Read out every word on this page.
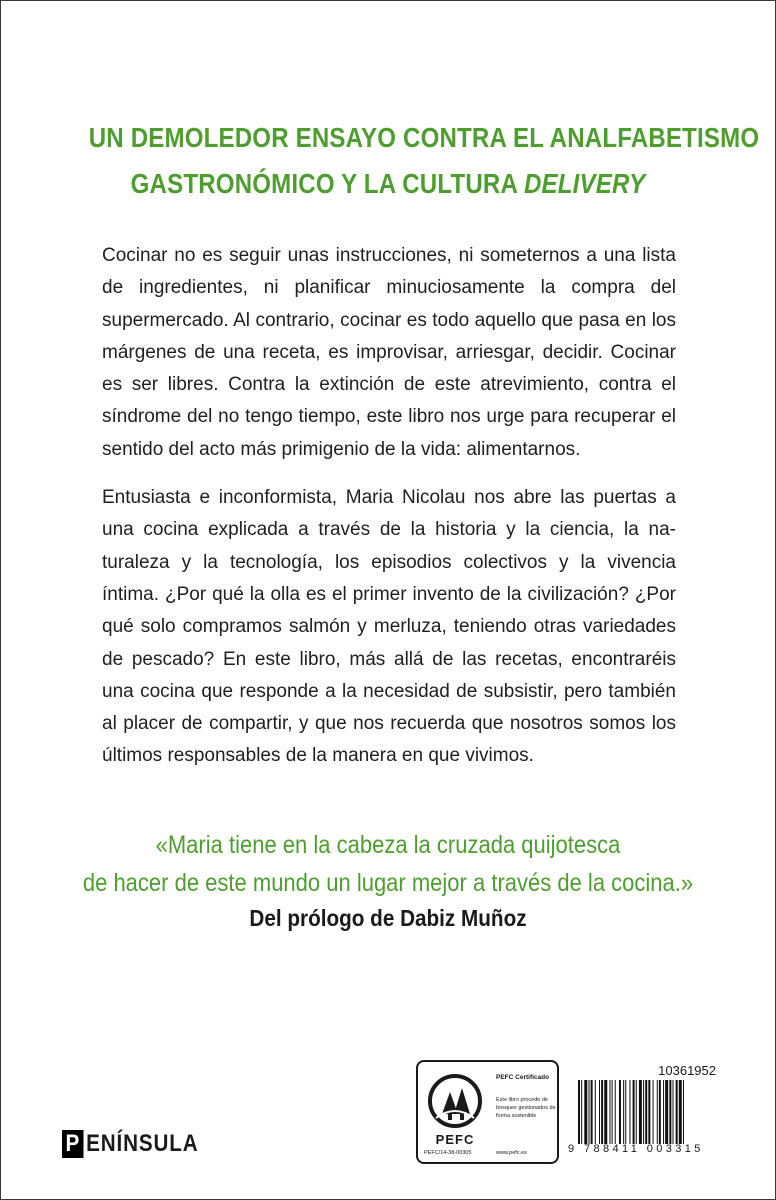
UN DEMOLEDOR ENSAYO CONTRA EL ANALFABETISMO
GASTRONÓMICO Y LA CULTURA DELIVERY

Cocinar no es seguir unas instrucciones, ni someternos a una lista de ingredientes, ni planificar minuciosamente la compra del supermercado. Al contrario, cocinar es todo aquello que pasa en los márgenes de una receta, es improvisar, arriesgar, decidir. Cocinar es ser libres. Contra la extinción de este atrevimiento, contra el síndrome del no tengo tiempo, este libro nos urge para recuperar el sentido del acto más primigenio de la vida: alimentarnos.

Entusiasta e inconformista, Maria Nicolau nos abre las puertas a una cocina explicada a través de la historia y la ciencia, la naturaleza y la tecnología, los episodios colectivos y la vivencia íntima. ¿Por qué la olla es el primer invento de la civilización? ¿Por qué solo compramos salmón y merluza, teniendo otras variedades de pescado? En este libro, más allá de las recetas, encontraréis una cocina que responde a la necesidad de subsistir, pero también al placer de compartir, y que nos recuerda que nosotros somos los últimos responsables de la manera en que vivimos.

«Maria tiene en la cabeza la cruzada quijotesca
de hacer de este mundo un lugar mejor a través de la cocina.»
Del prólogo de Dabiz Muñoz
P ENÍNSULA	PEFC
PEFC/14-38-00305
PEFC Certificado
Este libro procede de bosques gestionados de forma sostenible
www.pefc.es
10361952
9 788411 003315
